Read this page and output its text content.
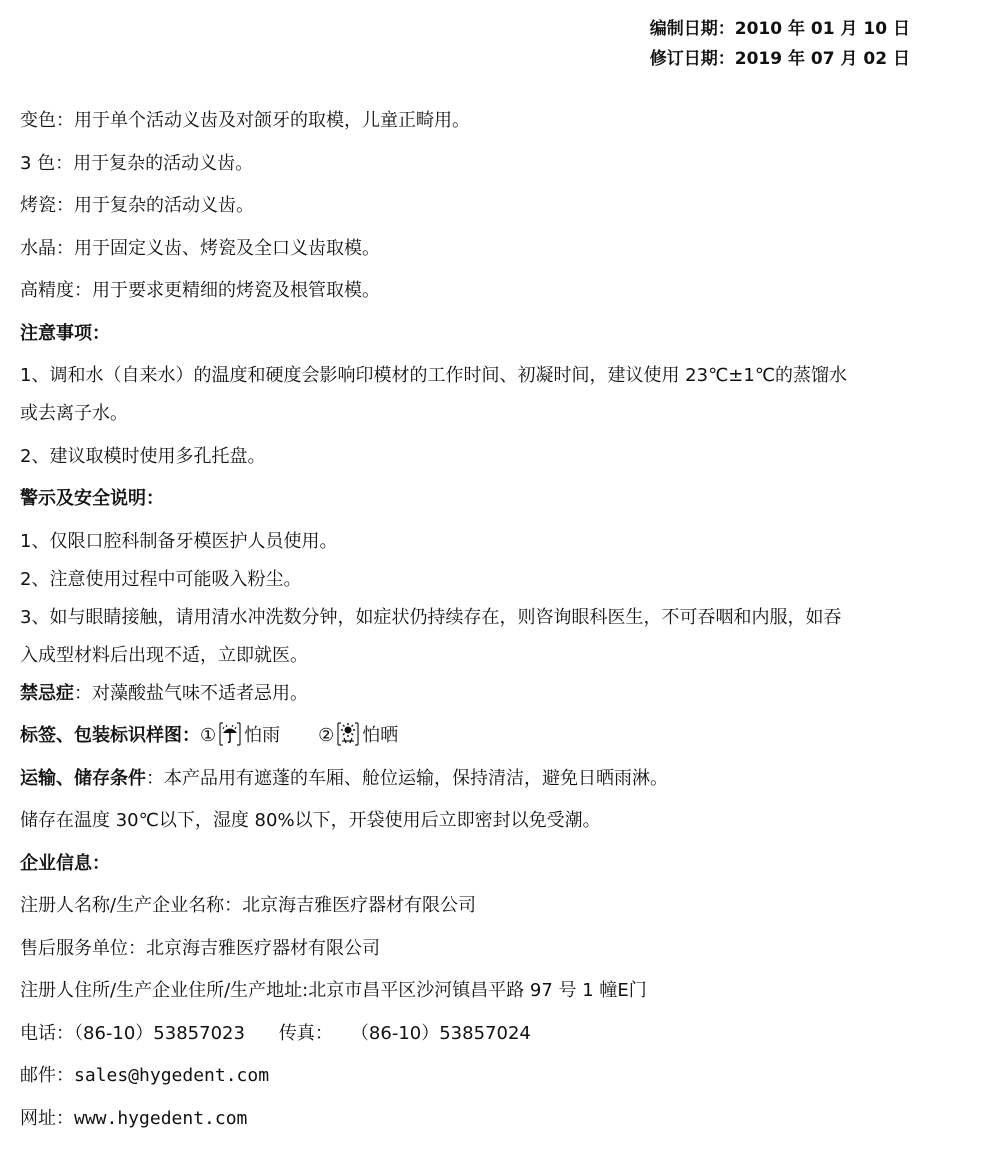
编制日期：2010 年 01 月 10 日
修订日期：2019 年 07 月 02 日
变色：用于单个活动义齿及对颌牙的取模，儿童正畸用。
3 色：用于复杂的活动义齿。
烤瓷：用于复杂的活动义齿。
水晶：用于固定义齿、烤瓷及全口义齿取模。
高精度：用于要求更精细的烤瓷及根管取模。
注意事项：
1、调和水（自来水）的温度和硬度会影响印模材的工作时间、初凝时间，建议使用 23℃±1℃的蒸馏水
或去离子水。
2、建议取模时使用多孔托盘。
警示及安全说明：
1、仅限口腔科制备牙模医护人员使用。
2、注意使用过程中可能吸入粉尘。
3、如与眼睛接触，请用清水冲洗数分钟，如症状仍持续存在，则咨询眼科医生，不可吞咽和内服，如吞
入成型材料后出现不适，立即就医。
禁忌症：对藻酸盐气味不适者忌用。
标签、包装标识样图：① 怕雨 ② 怕晒
运输、储存条件：本产品用有遮蓬的车厢、舱位运输，保持清洁，避免日晒雨淋。
储存在温度 30℃以下，湿度 80%以下，开袋使用后立即密封以免受潮。
企业信息：
注册人名称/生产企业名称：北京海吉雅医疗器材有限公司
售后服务单位：北京海吉雅医疗器材有限公司
注册人住所/生产企业住所/生产地址:北京市昌平区沙河镇昌平路 97 号 1 幢E门
电话：（86-10）53857023 传真： （86-10）53857024
邮件：sales@hygedent.com
网址：www.hygedent.com
